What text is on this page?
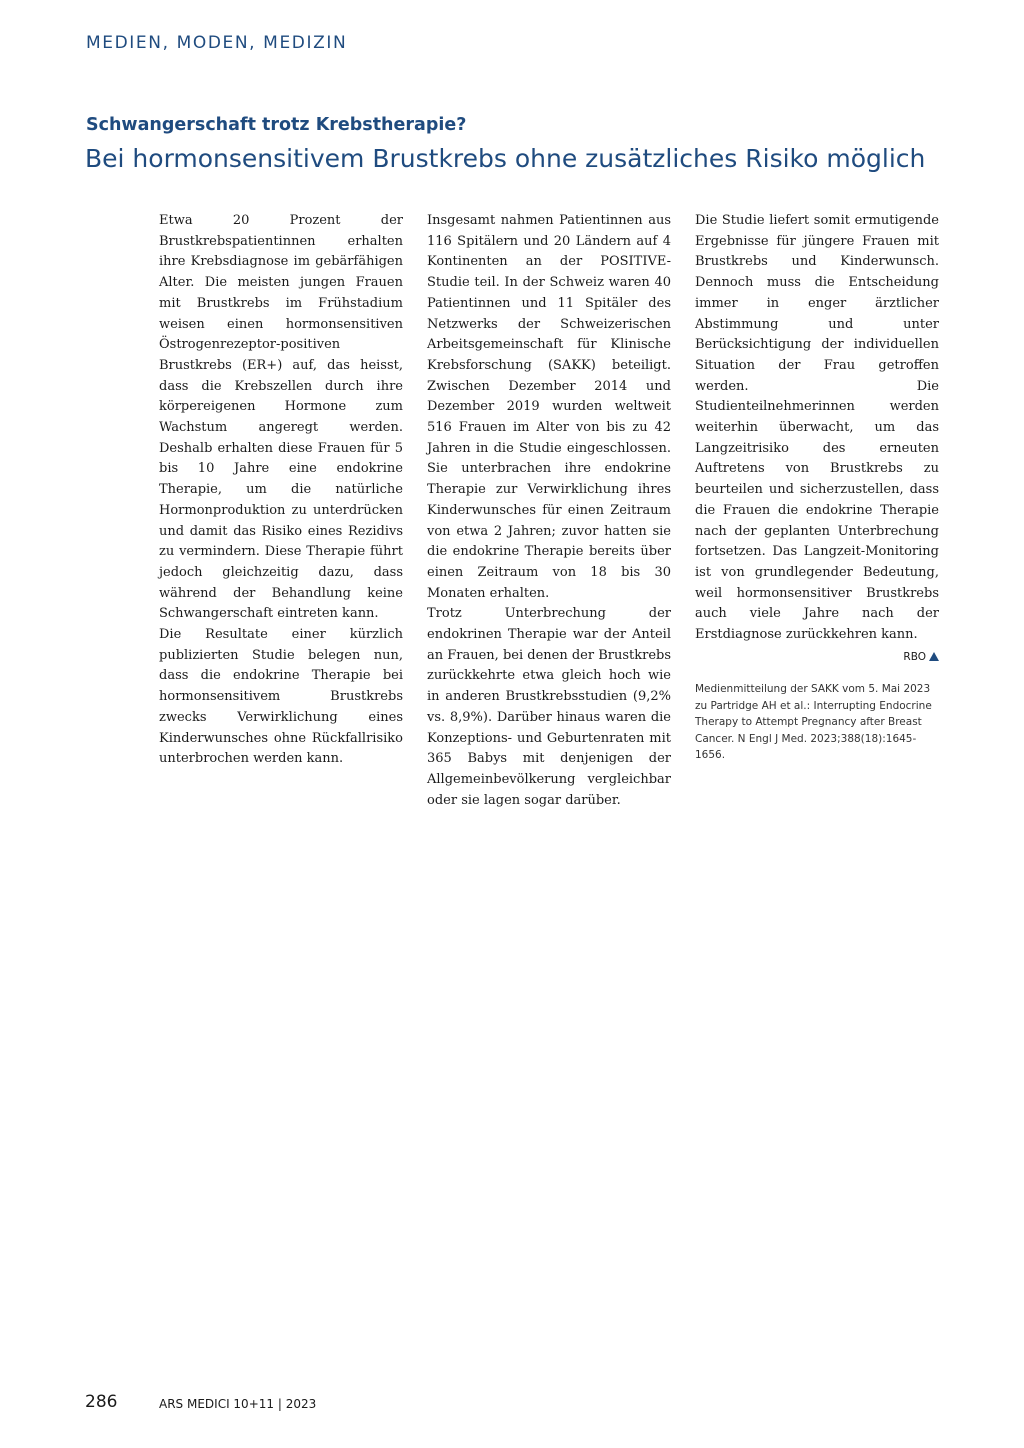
MEDIEN, MODEN, MEDIZIN
Schwangerschaft trotz Krebstherapie?
Bei hormonsensitivem Brustkrebs ohne zusätzliches Risiko möglich

Etwa 20 Prozent der Brustkrebspatientinnen erhalten ihre Krebsdiagnose im gebärfähigen Alter. Die meisten jungen Frauen mit Brustkrebs im Frühstadium weisen einen hormonsensitiven Östrogenrezeptor-positiven Brustkrebs (ER+) auf, das heisst, dass die Krebszellen durch ihre körpereigenen Hormone zum Wachstum angeregt werden. Deshalb erhalten diese Frauen für 5 bis 10 Jahre eine endokrine Therapie, um die natürliche Hormonproduktion zu unterdrücken und damit das Risiko eines Rezidivs zu vermindern. Diese Therapie führt jedoch gleichzeitig dazu, dass während der Behandlung keine Schwangerschaft eintreten kann.

Die Resultate einer kürzlich publizierten Studie belegen nun, dass die endokrine Therapie bei hormonsensitivem Brustkrebs zwecks Verwirklichung eines Kinderwunsches ohne Rückfallrisiko unterbrochen werden kann.

Insgesamt nahmen Patientinnen aus 116 Spitälern und 20 Ländern auf 4 Kontinenten an der POSITIVE-Studie teil. In der Schweiz waren 40 Patientinnen und 11 Spitäler des Netzwerks der Schweizerischen Arbeitsgemeinschaft für Klinische Krebsforschung (SAKK) beteiligt. Zwischen Dezember 2014 und Dezember 2019 wurden weltweit 516 Frauen im Alter von bis zu 42 Jahren in die Studie eingeschlossen. Sie unterbrachen ihre endokrine Therapie zur Verwirklichung ihres Kinderwunsches für einen Zeitraum von etwa 2 Jahren; zuvor hatten sie die endokrine Therapie bereits über einen Zeitraum von 18 bis 30 Monaten erhalten.

Trotz Unterbrechung der endokrinen Therapie war der Anteil an Frauen, bei denen der Brustkrebs zurückkehrte etwa gleich hoch wie in anderen Brustkrebsstudien (9,2% vs. 8,9%). Darüber hinaus waren die Konzeptions- und Geburtenraten mit 365 Babys mit denjenigen der Allgemeinbevölkerung vergleichbar oder sie lagen sogar darüber.

Die Studie liefert somit ermutigende Ergebnisse für jüngere Frauen mit Brustkrebs und Kinderwunsch. Dennoch muss die Entscheidung immer in enger ärztlicher Abstimmung und unter Berücksichtigung der individuellen Situation der Frau getroffen werden. Die Studienteilnehmerinnen werden weiterhin überwacht, um das Langzeitrisiko des erneuten Auftretens von Brustkrebs zu beurteilen und sicherzustellen, dass die Frauen die endokrine Therapie nach der geplanten Unterbrechung fortsetzen. Das Langzeit-Monitoring ist von grundlegender Bedeutung, weil hormonsensitiver Brustkrebs auch viele Jahre nach der Erstdiagnose zurückkehren kann.

RBO
Medienmitteilung der SAKK vom 5. Mai 2023 zu Partridge AH et al.: Interrupting Endocrine Therapy to Attempt Pregnancy after Breast Cancer. N Engl J Med. 2023;388(18):1645-1656.
286	ARS MEDICI 10+11 | 2023
